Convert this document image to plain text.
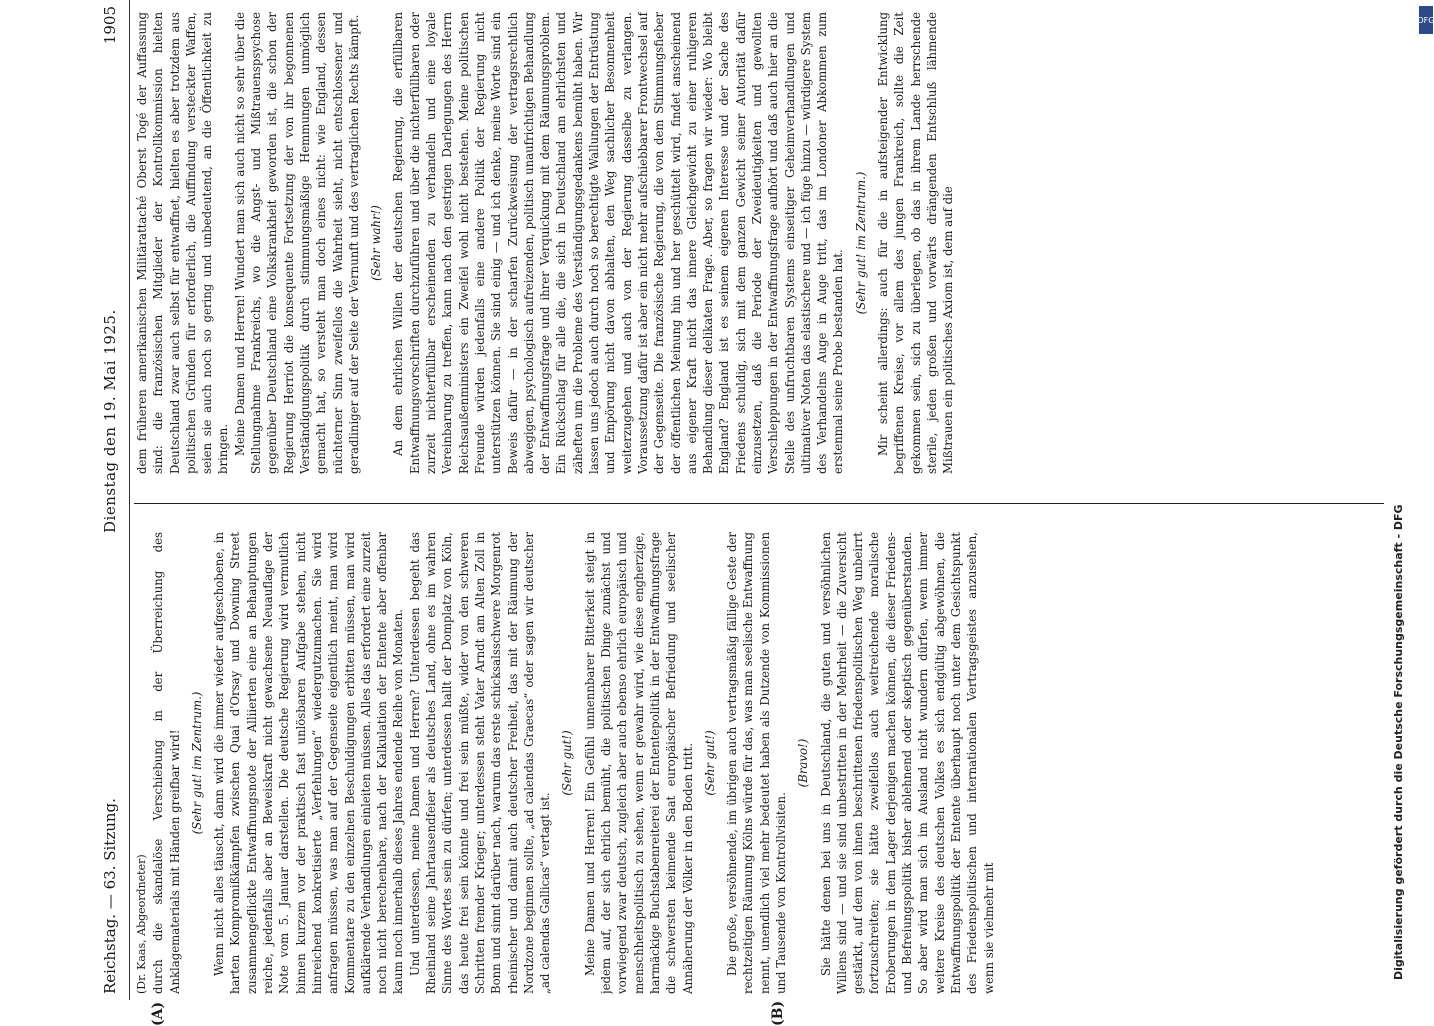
Reichstag. — 63. Sitzung.
Dienstag den 19. Mai 1925.
1905
(A)	(B)

(Dr. Kaas, Abgeordneter) durch die skandalöse Verschiebung in der Überreichung des Anklagematerials mit Händen greifbar wird! (Sehr gut! im Zentrum.) Wenn nicht alles täuscht, dann wird die immer wieder aufgeschobene, in harten Kompromißkämpfen zwischen Quai d'Orsay und Downing Street zusammengeflickte Entwaffnungsnote der Alliierten eine an Behauptungen reiche, jedenfalls aber an Beweiskraft nicht gewachsene Neuauflage der Note vom 5. Januar darstellen. Die deutsche Regierung wird vermutlich binnen kurzem vor der praktisch fast unlösbaren Aufgabe stehen, nicht hinreichend konkretisierte „Verfehlungen“ wiedergutzumachen. Sie wird anfragen müssen, was man auf der Gegenseite eigentlich meint, man wird Kommentare zu den einzelnen Beschuldigungen erbitten müssen, man wird aufklärende Verhandlungen einleiten müssen. Alles das erfordert eine zurzeit noch nicht berechenbare, nach der Kalkulation der Entente aber offenbar kaum noch innerhalb dieses Jahres endende Reihe von Monaten. Und unterdessen, meine Damen und Herren? Unterdessen begeht das Rheinland seine Jahrtausendfeier als deutsches Land, ohne es im wahren Sinne des Wortes sein zu dürfen; unterdessen hallt der Domplatz von Köln, das heute frei sein könnte und frei sein müßte, wider von den schweren Schritten fremder Krieger; unterdessen steht Vater Arndt am Alten Zoll in Bonn und sinnt darüber nach, warum das erste schicksalsschwere Morgenrot rheinischer und damit auch deutscher Freiheit, das mit der Räumung der Nordzone beginnen sollte, „ad calendas Graecas“ oder sagen wir deutscher „ad calendas Gallicas“ vertagt ist.

(Sehr gut!) Meine Damen und Herren! Ein Gefühl unnennbarer Bitterkeit steigt in jedem auf, der sich ehrlich bemüht, die politischen Dinge zunächst und vorwiegend zwar deutsch, zugleich aber auch ebenso ehrlich europäisch und menschheitspolitisch zu sehen, wenn er gewahr wird, wie diese engherzige, harmäckige Buchstabenreiterei der Ententepolitik in der Entwaffnungsfrage die schwersten keimende Saat europäischer Befriedung und seelischer Annäherung der Völker in den Boden tritt. (Sehr gut!) Die große, versöhnende, im übrigen auch vertragsmäßig fällige Geste der rechtzeitigen Räumung Kölns würde für das, was man seelische Entwaffnung nennt, unendlich viel mehr bedeutet haben als Dutzende von Kommissionen und Tausende von Kontrollvisiten.

(Bravo!) Sie hätte denen bei uns in Deutschland, die guten und versöhnlichen Willens sind — und sie sind unbestritten in der Mehrheit — die Zuversicht gestärkt, auf dem von ihnen beschrittenen friedenspolitischen Weg unbeirrt fortzuschreiten; sie hätte zweifellos auch weitreichende moralische Eroberungen in dem Lager derjenigen machen können, die dieser Friedens- und Befreiungspolitik bisher ablehnend oder skeptisch gegenüberstanden. So aber wird man sich im Ausland nicht wundern dürfen, wenn immer weitere Kreise des deutschen Volkes es sich endgültig abgewöhnen, die Entwaffnungspolitik der Entente überhaupt noch unter dem Gesichtspunkt des Friedenspolitischen und internationalen Vertragsgeistes anzusehen, wenn sie vielmehr mit

dem früheren amerikanischen Militärattaché Oberst Togé der Auffassung sind: die französischen Mitglieder der Kontrollkommission hielten Deutschland zwar auch selbst für entwaffnet, hielten es aber trotzdem aus politischen Gründen für erforderlich, die Auffindung versteckter Waffen, seien sie auch noch so gering und unbedeutend, an die Öffentlichkeit zu bringen. Meine Damen und Herren! Wundert man sich auch nicht so sehr über die Stellungnahme Frankreichs, wo die Angst- und Mißtrauenspsychose gegenüber Deutschland eine Volkskrankheit geworden ist, die schon der Regierung Herriot die konsequente Fortsetzung der von ihr begonnenen Verständigungspolitik durch stimmungsmäßige Hemmungen unmöglich gemacht hat, so versteht man doch eines nicht: wie England, dessen nüchterner Sinn zweifellos die Wahrheit sieht, nicht entschlossener und geradliniger auf der Seite der Vernunft und des vertraglichen Rechts kämpft. (Sehr wahr!) An dem ehrlichen Willen der deutschen Regierung, die erfüllbaren Entwaffnungsvorschriften durchzuführen und über die nichterfüllbaren oder zurzeit nichterfüllbar erscheinenden zu verhandeln und eine loyale Vereinbarung zu treffen, kann nach den gestrigen Darlegungen des Herrn Reichsaußenministers ein Zweifel wohl nicht bestehen. Meine politischen Freunde würden jedenfalls eine andere Politik der Regierung nicht unterstützen können. Sie sind einig — und ich denke, meine Worte sind ein Beweis dafür — in der scharfen Zurückweisung der vertragsrechtlich abwegigen, psychologisch aufreizenden, politisch unaufrichtigen Behandlung der Entwaffnungsfrage und ihrer Verquickung mit dem Räumungsproblem. Ein Rückschlag für alle die, die sich in Deutschland am ehrlichsten und zäheften um die Probleme des Verständigungsgedankens bemüht haben. Wir lassen uns jedoch auch durch noch so berechtigte Wallungen der Entrüstung und Empörung nicht davon abhalten, den Weg sachlicher Besonnenheit weiterzugehen und auch von der Regierung dasselbe zu verlangen. Voraussetzung dafür ist aber ein nicht mehr aufschiebbarer Frontwechsel auf der Gegenseite. Die französische Regierung, die von dem Stimmungsfieber der öffentlichen Meinung hin und her geschüttelt wird, findet anscheinend aus eigener Kraft nicht das innere Gleichgewicht zu einer ruhigeren Behandlung dieser delikaten Frage. Aber, so fragen wir wieder: Wo bleibt England? England ist es seinem eigenen Interesse und der Sache des Friedens schuldig, sich mit dem ganzen Gewicht seiner Autorität dafür einzusetzen, daß die Periode der Zweideutigkeiten und gewollten Verschleppungen in der Entwaffnungsfrage aufhört und daß auch hier an die Stelle des unfruchtbaren Systems einseitiger Geheimverhandlungen und ultimativer Noten das elastischere und — ich füge hinzu — würdigere System des Verhandelns Auge in Auge tritt, das im Londoner Abkommen zum erstenmal seine Probe bestanden hat.

(Sehr gut! im Zentrum.) Mir scheint allerdings: auch für die in aufsteigender Entwicklung begriffenen Kreise, vor allem des jungen Frankreich, sollte die Zeit gekommen sein, sich zu überlegen, ob das in ihrem Lande herrschende sterile, jeden großen und vorwärts drängenden Entschluß lähmende Mißtrauen ein politisches Axiom ist, dem auf die

Digitalisierung gefördert durch die Deutsche Forschungsgemeinschaft - DFG
DFG
